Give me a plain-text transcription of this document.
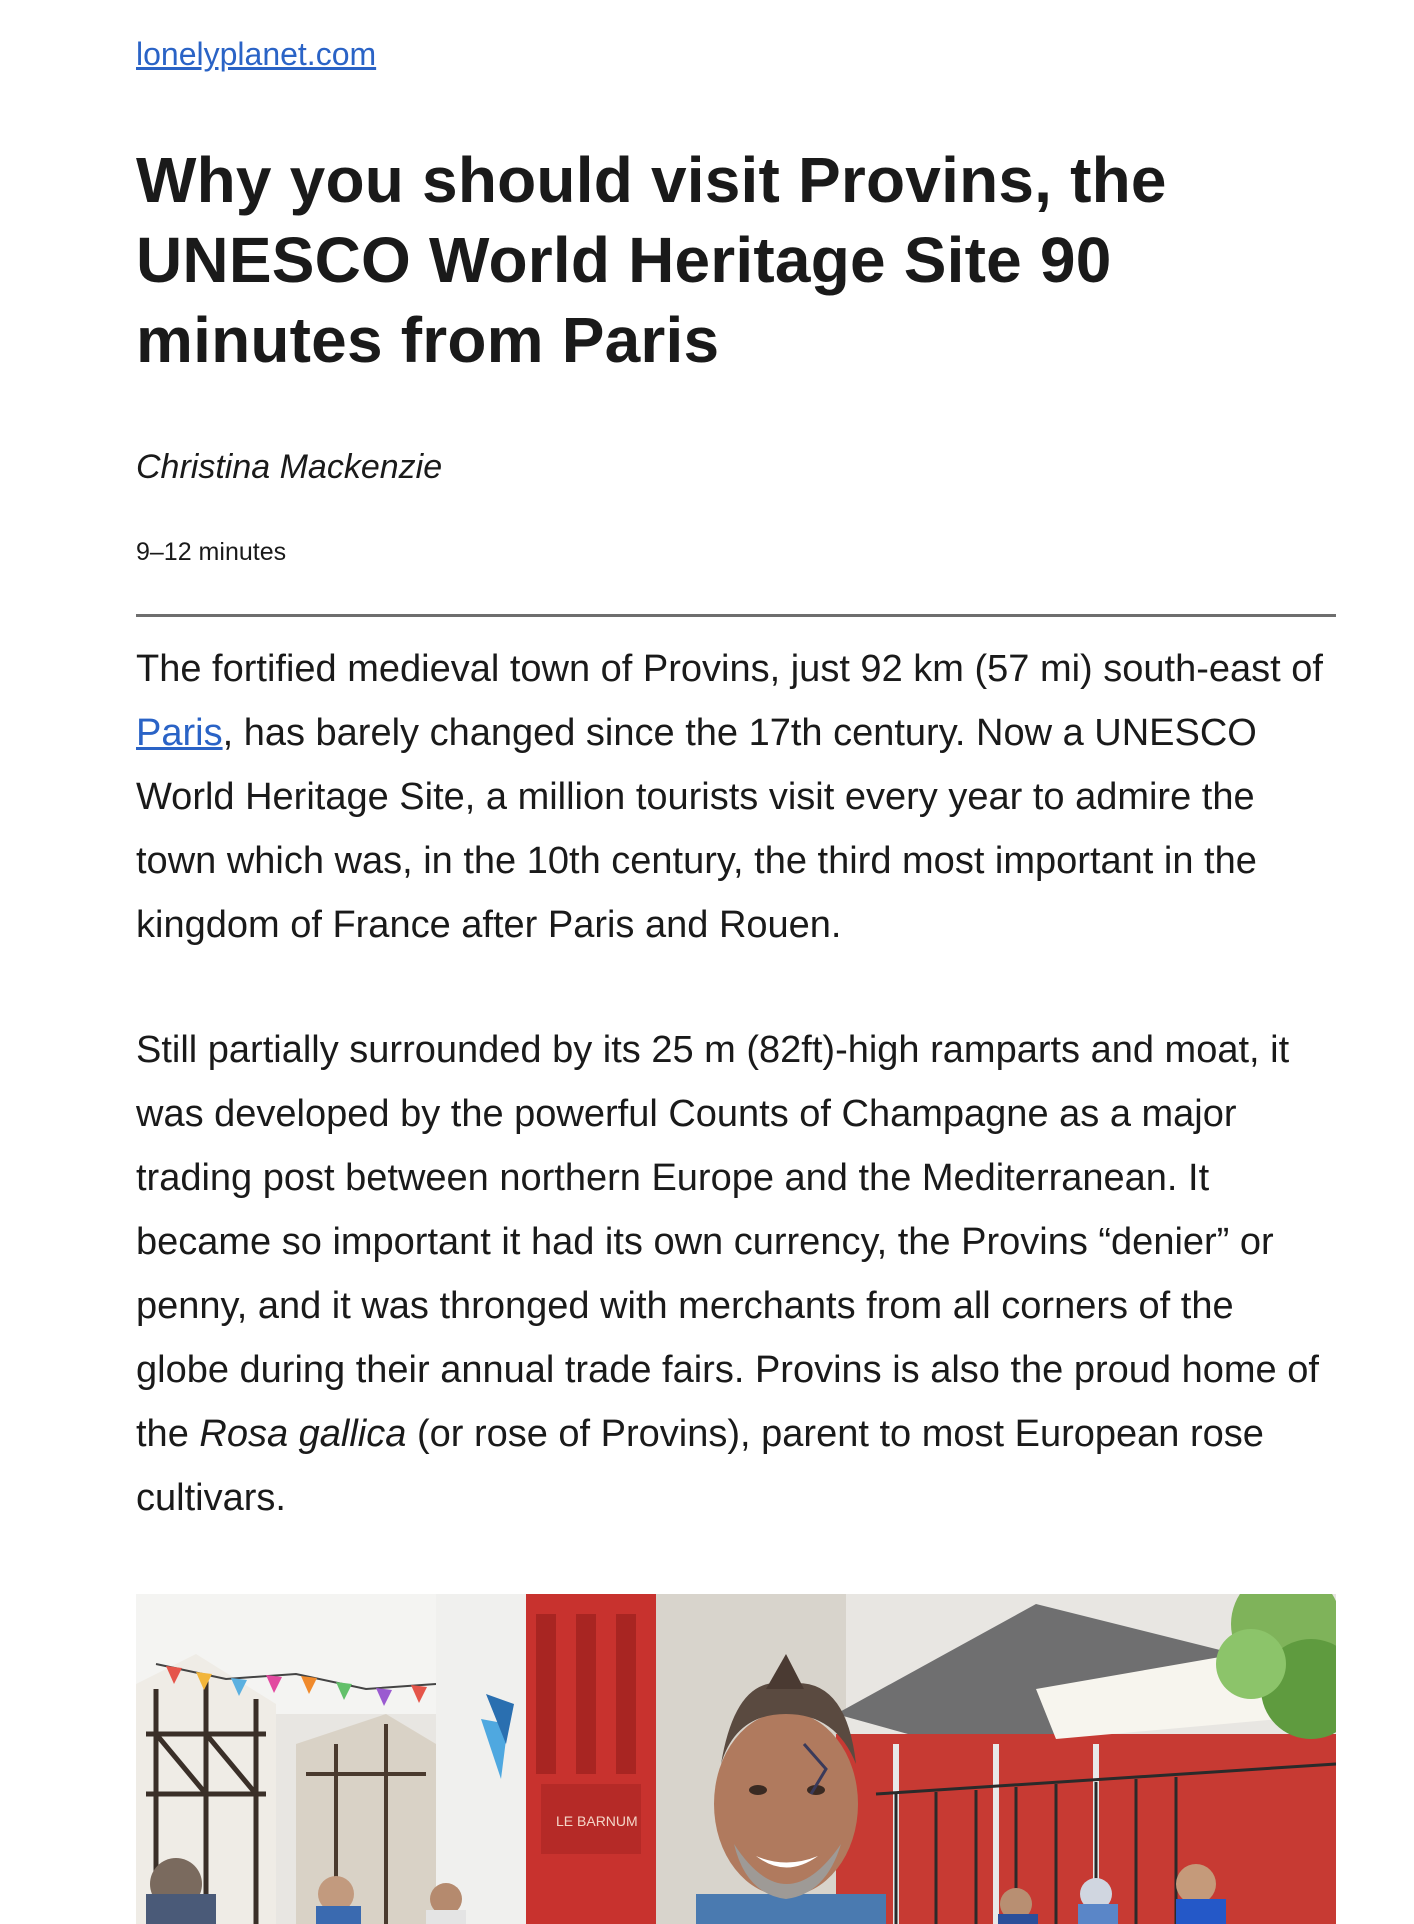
lonelyplanet.com
Why you should visit Provins, the UNESCO World Heritage Site 90 minutes from Paris
Christina Mackenzie
9–12 minutes

The fortified medieval town of Provins, just 92 km (57 mi) south-east of Paris, has barely changed since the 17th century. Now a UNESCO World Heritage Site, a million tourists visit every year to admire the town which was, in the 10th century, the third most important in the kingdom of France after Paris and Rouen.

Still partially surrounded by its 25 m (82ft)-high ramparts and moat, it was developed by the powerful Counts of Champagne as a major trading post between northern Europe and the Mediterranean. It became so important it had its own currency, the Provins “denier” or penny, and it was thronged with merchants from all corners of the globe during their annual trade fairs. Provins is also the proud home of the Rosa gallica (or rose of Provins), parent to most European rose cultivars.

LE BARNUM
